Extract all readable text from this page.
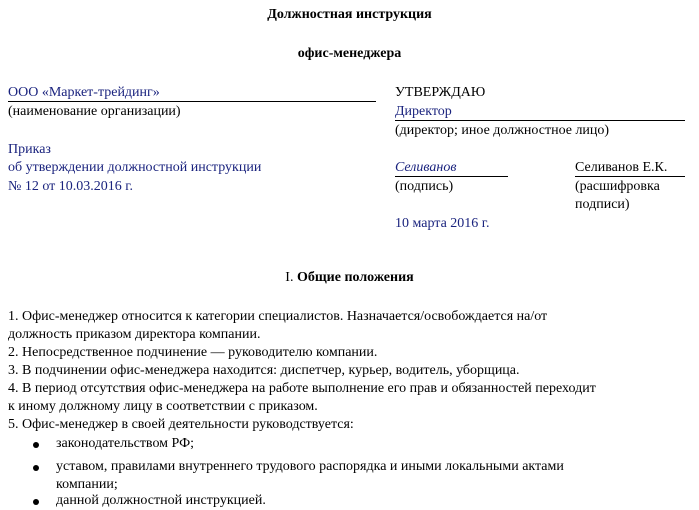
Должностная инструкция
офис-менеджера
ООО «Маркет-трейдинг»
(наименование организации)
Приказ
об утверждении должностной инструкции
№ 12 от 10.03.2016 г.
УТВЕРЖДАЮ
Директор
(директор; иное должностное лицо)
Селиванов
(подпись)
Селиванов Е.К.
(расшифровка
подписи)
10 марта 2016 г.
I. Общие положения
1. Офис-менеджер относится к категории специалистов. Назначается/освобождается на/от
должность приказом директора компании.
2. Непосредственное подчинение — руководителю компании.
3. В подчинении офис-менеджера находится: диспетчер, курьер, водитель, уборщица.
4. В период отсутствия офис-менеджера на работе выполнение его прав и обязанностей переходит
к иному должному лицу в соответствии с приказом.
5. Офис-менеджер в своей деятельности руководствуется:
законодательством РФ;
уставом, правилами внутреннего трудового распорядка и иными локальными актами
компании;
данной должностной инструкцией.
